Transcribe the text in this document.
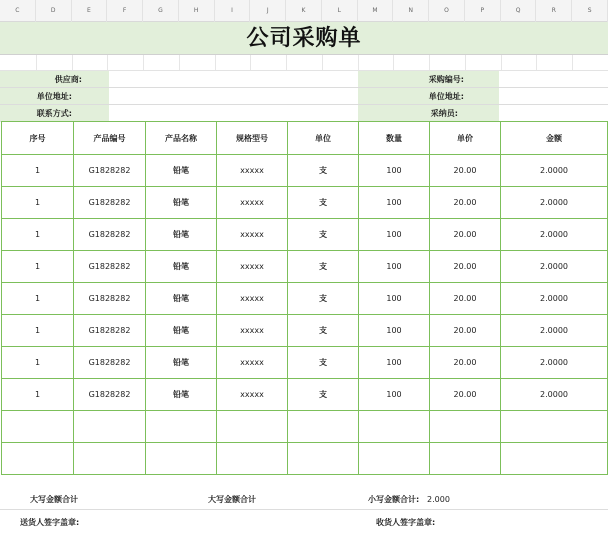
C	D	E	F	G	H	I	J	K	L	M	N	O	P	Q	R	S
公司采购单
供应商:	采购编号:
单位地址:	单位地址:
联系方式:	采纳员:
序号	产品编号	产品名称	规格型号	单位	数量	单价	金额
1	G1828282	铅笔	xxxxx	支	100	20.00	2.0000
1	G1828282	铅笔	xxxxx	支	100	20.00	2.0000
1	G1828282	铅笔	xxxxx	支	100	20.00	2.0000
1	G1828282	铅笔	xxxxx	支	100	20.00	2.0000
1	G1828282	铅笔	xxxxx	支	100	20.00	2.0000
1	G1828282	铅笔	xxxxx	支	100	20.00	2.0000
1	G1828282	铅笔	xxxxx	支	100	20.00	2.0000
1	G1828282	铅笔	xxxxx	支	100	20.00	2.0000

大写金额合计	大写金额合计	小写金额合计: 2.000
送货人签字盖章:	收货人签字盖章:
